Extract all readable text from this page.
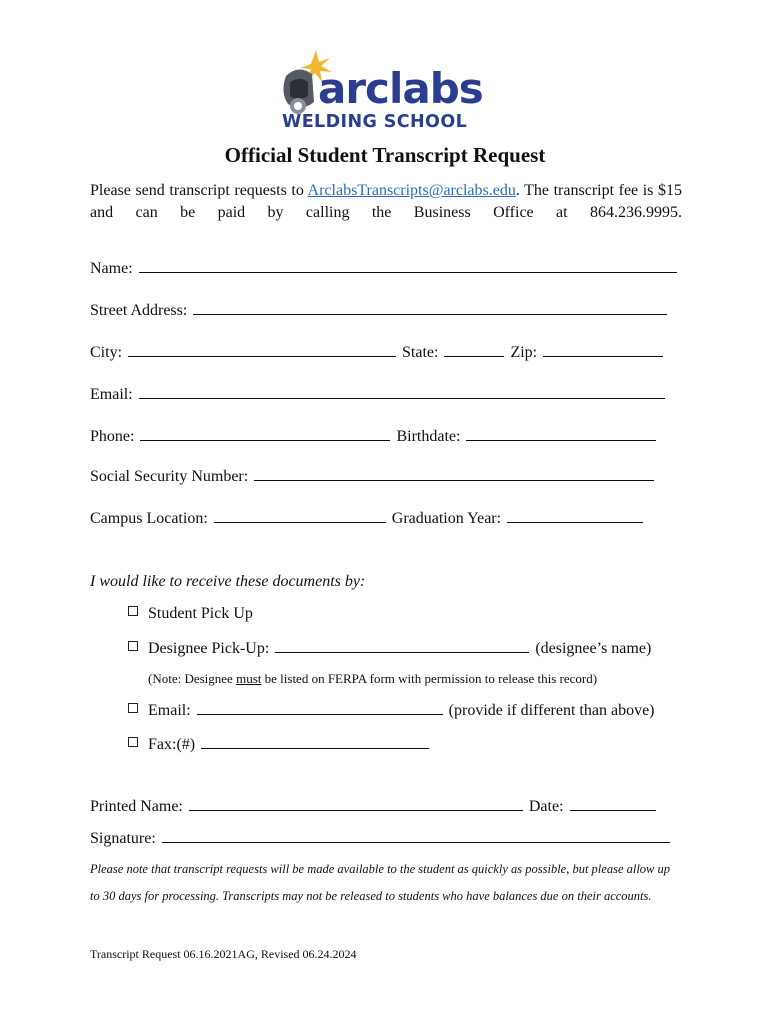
arclabs
WELDING SCHOOL
Official Student Transcript Request
Please send transcript requests to ArclabsTranscripts@arclabs.edu. The transcript fee is $15 and can be paid by calling the Business Office at 864.236.9995.
Name:
Street Address:
City:	State:	Zip:
Email:
Phone:	Birthdate:
Social Security Number:
Campus Location:	Graduation Year:
I would like to receive these documents by:
Student Pick Up
Designee Pick-Up:	(designee’s name)
(Note: Designee must be listed on FERPA form with permission to release this record)
Email:	(provide if different than above)
Fax:(#)
Printed Name:	Date:
Signature:
Please note that transcript requests will be made available to the student as quickly as possible, but please allow up to 30 days for processing. Transcripts may not be released to students who have balances due on their accounts.
Transcript Request 06.16.2021AG, Revised 06.24.2024
